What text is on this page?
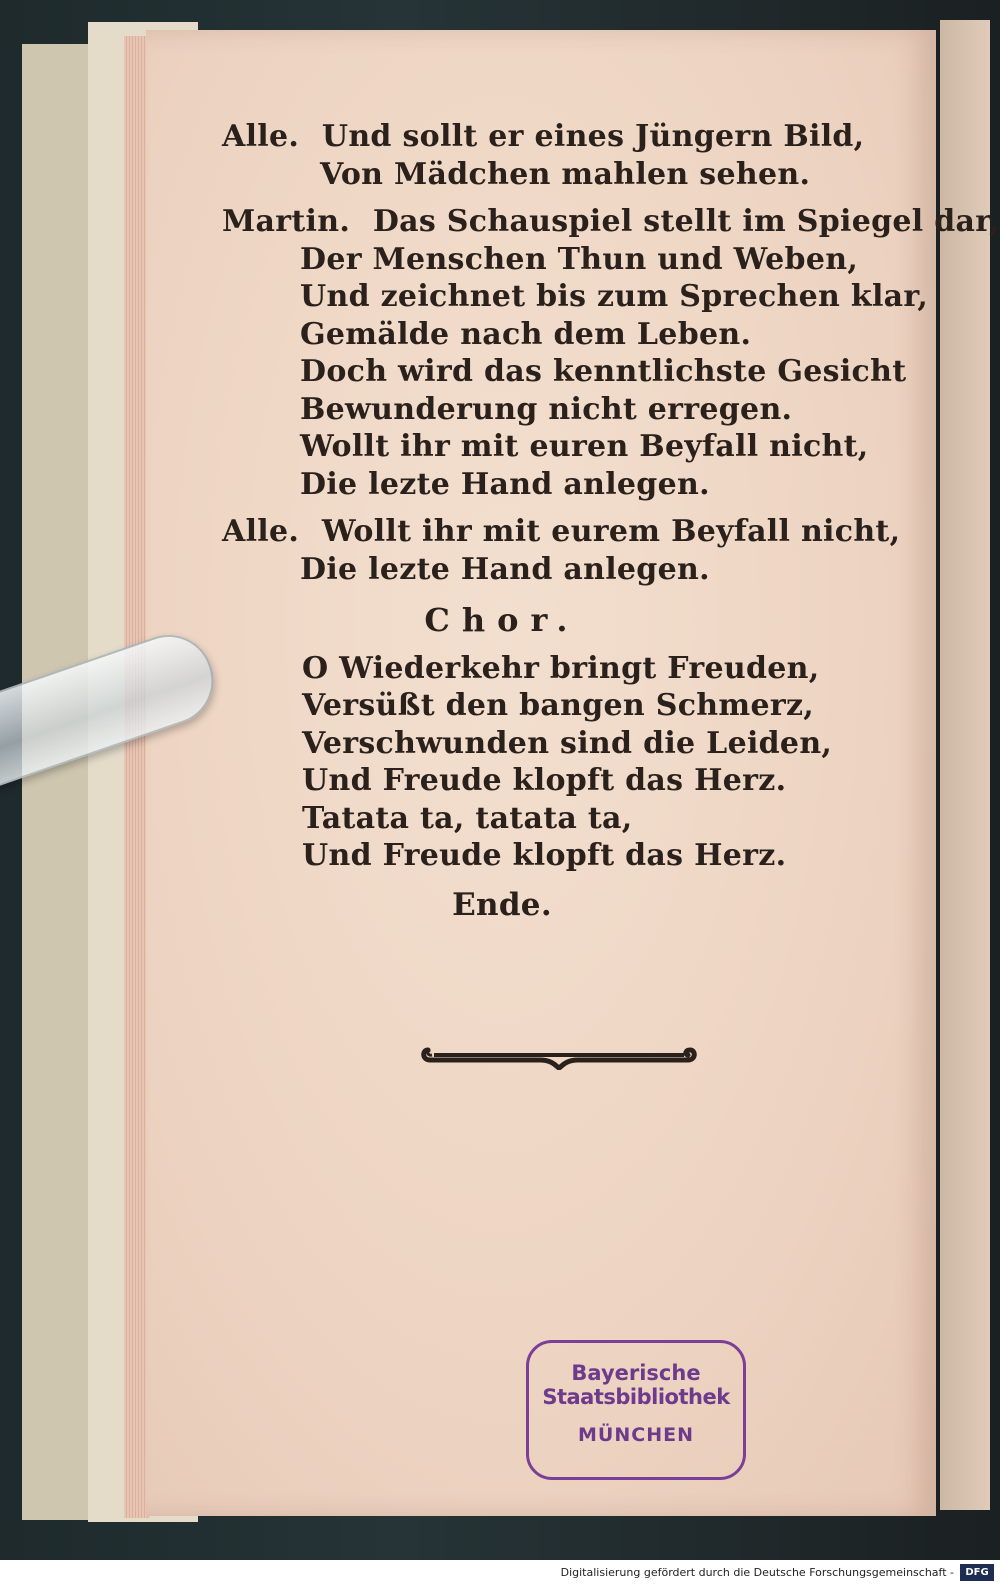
Alle. Und sollt er eines Jüngern Bild,
Von Mädchen mahlen sehen.
Martin. Das Schauspiel stellt im Spiegel dar,
Der Menschen Thun und Weben,
Und zeichnet bis zum Sprechen klar,
Gemälde nach dem Leben.
Doch wird das kenntlichste Gesicht
Bewunderung nicht erregen.
Wollt ihr mit euren Beyfall nicht,
Die lezte Hand anlegen.
Alle. Wollt ihr mit eurem Beyfall nicht,
Die lezte Hand anlegen.
Chor.
O Wiederkehr bringt Freuden,
Versüßt den bangen Schmerz,
Verschwunden sind die Leiden,
Und Freude klopft das Herz.
Tatata ta, tatata ta,
Und Freude klopft das Herz.
Ende.
Bayerische
Staatsbibliothek
MÜNCHEN
Digitalisierung gefördert durch die Deutsche Forschungsgemeinschaft -	DFG
